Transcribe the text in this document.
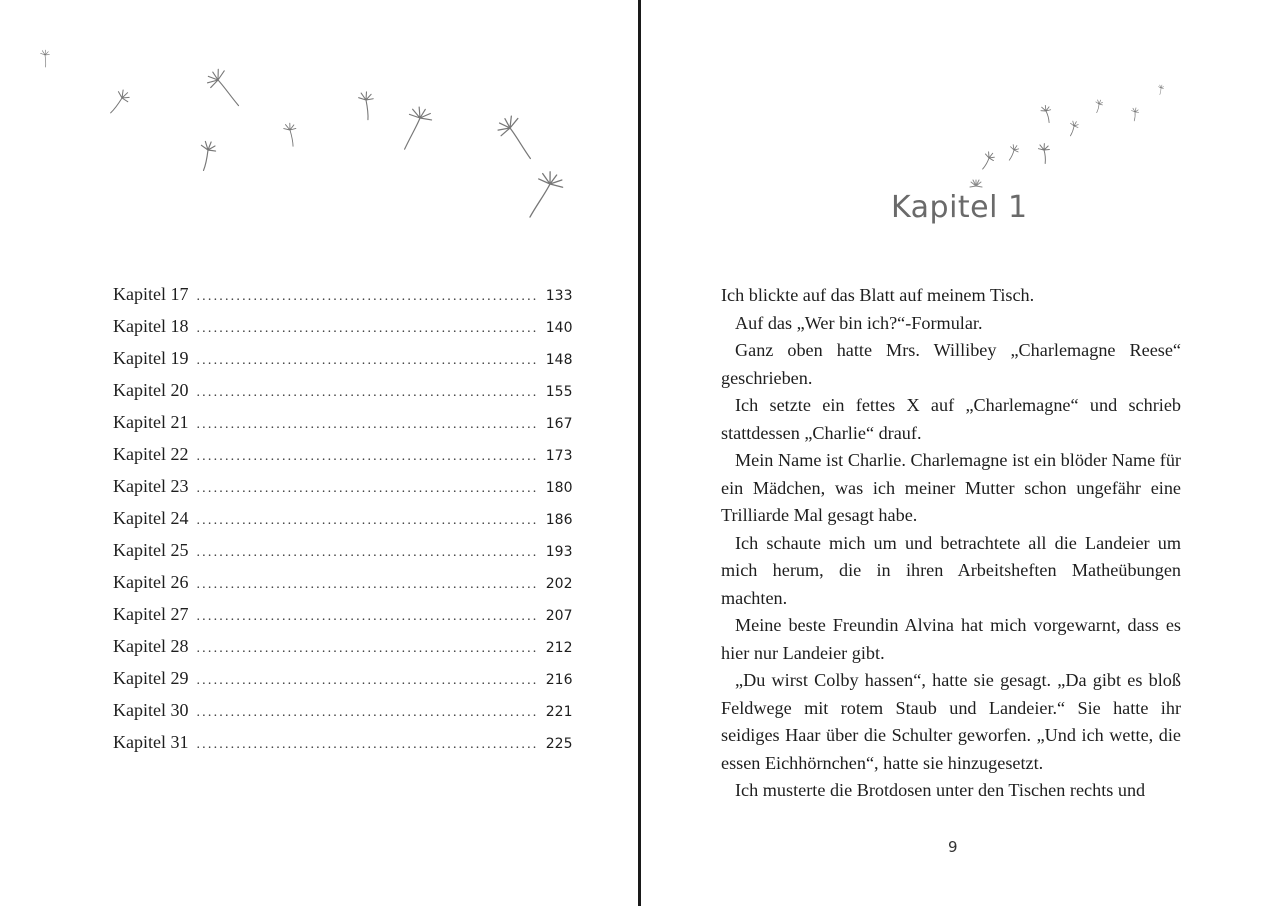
Kapitel 17 ............................................................ 133
Kapitel 18 ............................................................ 140
Kapitel 19 ............................................................ 148
Kapitel 20 ............................................................ 155
Kapitel 21 ............................................................ 167
Kapitel 22 ............................................................ 173
Kapitel 23 ............................................................ 180
Kapitel 24 ............................................................ 186
Kapitel 25 ............................................................ 193
Kapitel 26 ............................................................ 202
Kapitel 27 ............................................................ 207
Kapitel 28 ............................................................ 212
Kapitel 29 ............................................................ 216
Kapitel 30 ............................................................ 221
Kapitel 31 ............................................................ 225
Kapitel 1

Ich blickte auf das Blatt auf meinem Tisch.

Auf das „Wer bin ich?“-Formular.

Ganz oben hatte Mrs. Willibey „Charlemagne Reese“ geschrieben.

Ich setzte ein fettes X auf „Charlemagne“ und schrieb stattdessen „Charlie“ drauf.

Mein Name ist Charlie. Charlemagne ist ein blöder Name für ein Mädchen, was ich meiner Mutter schon ungefähr eine Trilliarde Mal gesagt habe.

Ich schaute mich um und betrachtete all die Landeier um mich herum, die in ihren Arbeitsheften Matheübungen machten.

Meine beste Freundin Alvina hat mich vorgewarnt, dass es hier nur Landeier gibt.

„Du wirst Colby hassen“, hatte sie gesagt. „Da gibt es bloß Feldwege mit rotem Staub und Landeier.“ Sie hatte ihr seidiges Haar über die Schulter geworfen. „Und ich wette, die essen Eichhörnchen“, hatte sie hinzugesetzt.

Ich musterte die Brotdosen unter den Tischen rechts und

9
